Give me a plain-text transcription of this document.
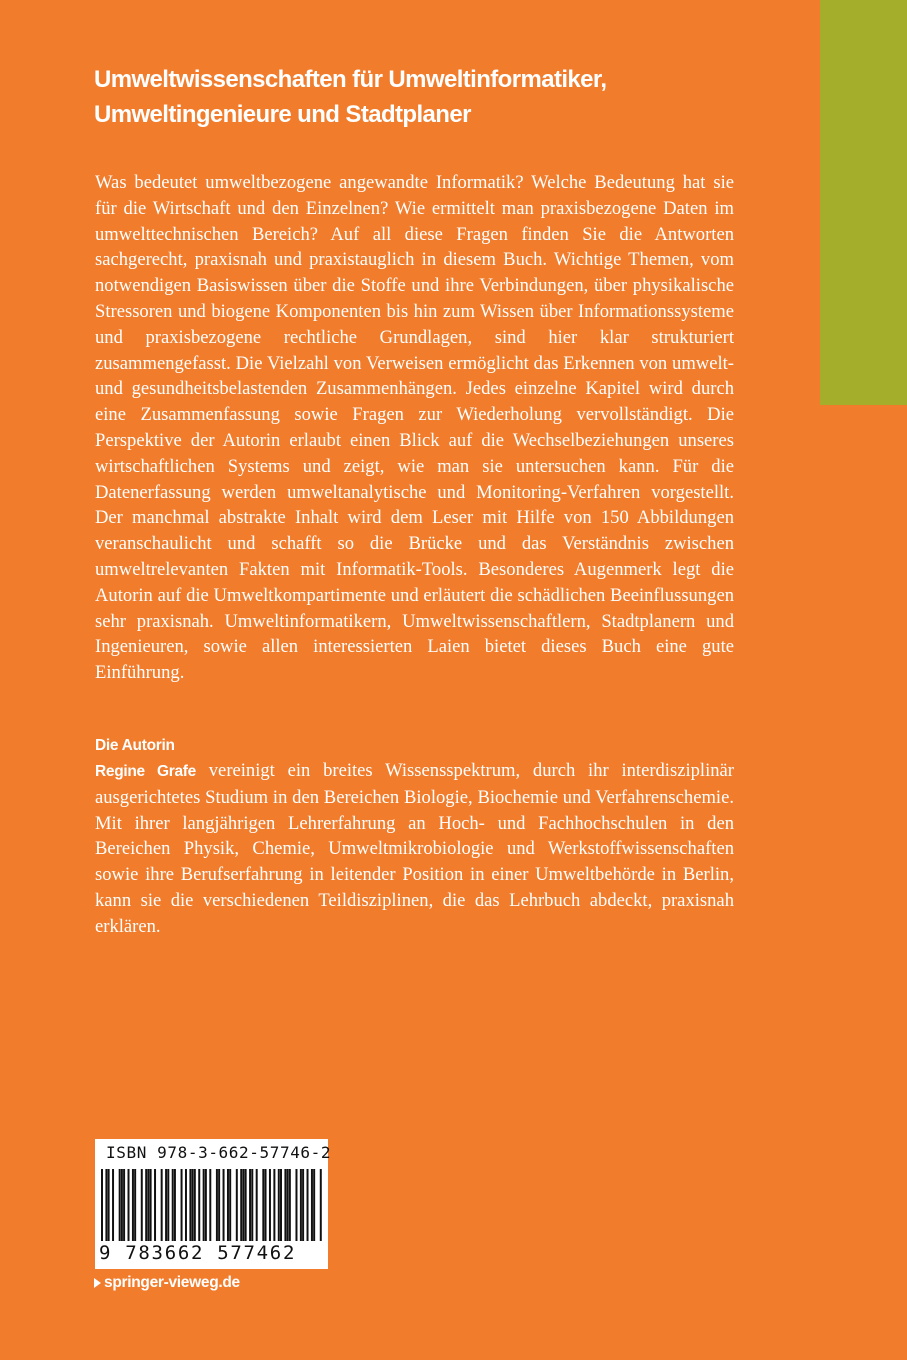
Umweltwissenschaften für Umweltinformatiker,
Umweltingenieure und Stadtplaner

Was bedeutet umweltbezogene angewandte Informatik? Welche Bedeutung hat sie für die Wirtschaft und den Einzelnen? Wie ermittelt man praxisbezogene Daten im umwelttechnischen Bereich? Auf all diese Fragen finden Sie die Antworten sachgerecht, praxisnah und praxistauglich in diesem Buch. Wichtige Themen, vom notwendigen Basiswissen über die Stoffe und ihre Verbindungen, über physikalische Stressoren und biogene Komponenten bis hin zum Wissen über Informationssysteme und praxisbezogene rechtliche Grundlagen, sind hier klar strukturiert zusammengefasst. Die Vielzahl von Verweisen ermöglicht das Erkennen von umwelt- und gesundheitsbelastenden Zusammenhängen. Jedes einzelne Kapitel wird durch eine Zusammenfassung sowie Fragen zur Wiederholung vervollständigt. Die Perspektive der Autorin erlaubt einen Blick auf die Wechselbeziehungen unseres wirtschaftlichen Systems und zeigt, wie man sie untersuchen kann. Für die Datenerfassung werden umweltanalytische und Monitoring-Verfahren vorgestellt. Der manchmal abstrakte Inhalt wird dem Leser mit Hilfe von 150 Abbildungen veranschaulicht und schafft so die Brücke und das Verständnis zwischen umweltrelevanten Fakten mit Informatik-Tools. Besonderes Augenmerk legt die Autorin auf die Umweltkompartimente und erläutert die schädlichen Beeinflussungen sehr praxisnah. Umweltinformatikern, Umweltwissenschaftlern, Stadtplanern und Ingenieuren, sowie allen interessierten Laien bietet dieses Buch eine gute Einführung.

Die Autorin

Regine Grafe vereinigt ein breites Wissensspektrum, durch ihr interdisziplinär ausgerichtetes Studium in den Bereichen Biologie, Biochemie und Verfahrenschemie. Mit ihrer langjährigen Lehrerfahrung an Hoch- und Fachhochschulen in den Bereichen Physik, Chemie, Umweltmikrobiologie und Werkstoffwissenschaften sowie ihre Berufserfahrung in leitender Position in einer Umweltbehörde in Berlin, kann sie die verschiedenen Teildisziplinen, die das Lehrbuch abdeckt, praxisnah erklären.

ISBN 978-3-662-57746-2
9 783662 577462
springer-vieweg.de
